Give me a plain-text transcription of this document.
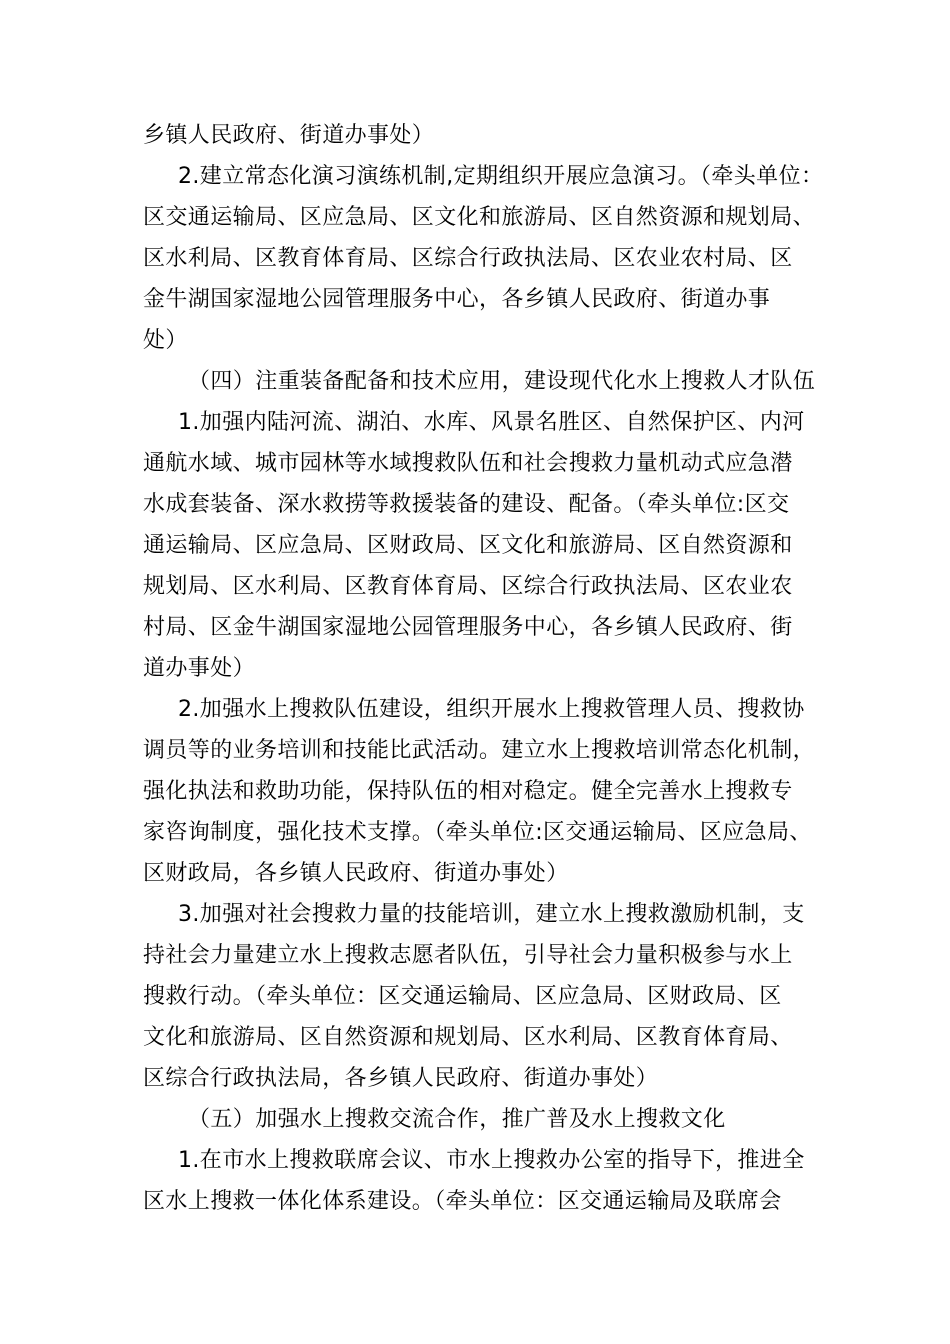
乡镇人民政府、街道办事处）
2.建立常态化演习演练机制,定期组织开展应急演习。（牵头单位：
区交通运输局、区应急局、区文化和旅游局、区自然资源和规划局、
区水利局、区教育体育局、区综合行政执法局、区农业农村局、区
金牛湖国家湿地公园管理服务中心，各乡镇人民政府、街道办事
处）
（四）注重装备配备和技术应用，建设现代化水上搜救人才队伍
1.加强内陆河流、湖泊、水库、风景名胜区、自然保护区、内河
通航水域、城市园林等水域搜救队伍和社会搜救力量机动式应急潜
水成套装备、深水救捞等救援装备的建设、配备。（牵头单位:区交
通运输局、区应急局、区财政局、区文化和旅游局、区自然资源和
规划局、区水利局、区教育体育局、区综合行政执法局、区农业农
村局、区金牛湖国家湿地公园管理服务中心，各乡镇人民政府、街
道办事处）
2.加强水上搜救队伍建设，组织开展水上搜救管理人员、搜救协
调员等的业务培训和技能比武活动。建立水上搜救培训常态化机制，
强化执法和救助功能，保持队伍的相对稳定。健全完善水上搜救专
家咨询制度，强化技术支撑。（牵头单位:区交通运输局、区应急局、
区财政局，各乡镇人民政府、街道办事处）
3.加强对社会搜救力量的技能培训，建立水上搜救激励机制，支
持社会力量建立水上搜救志愿者队伍，引导社会力量积极参与水上
搜救行动。（牵头单位：区交通运输局、区应急局、区财政局、区
文化和旅游局、区自然资源和规划局、区水利局、区教育体育局、
区综合行政执法局，各乡镇人民政府、街道办事处）
（五）加强水上搜救交流合作，推广普及水上搜救文化
1.在市水上搜救联席会议、市水上搜救办公室的指导下，推进全
区水上搜救一体化体系建设。（牵头单位：区交通运输局及联席会
